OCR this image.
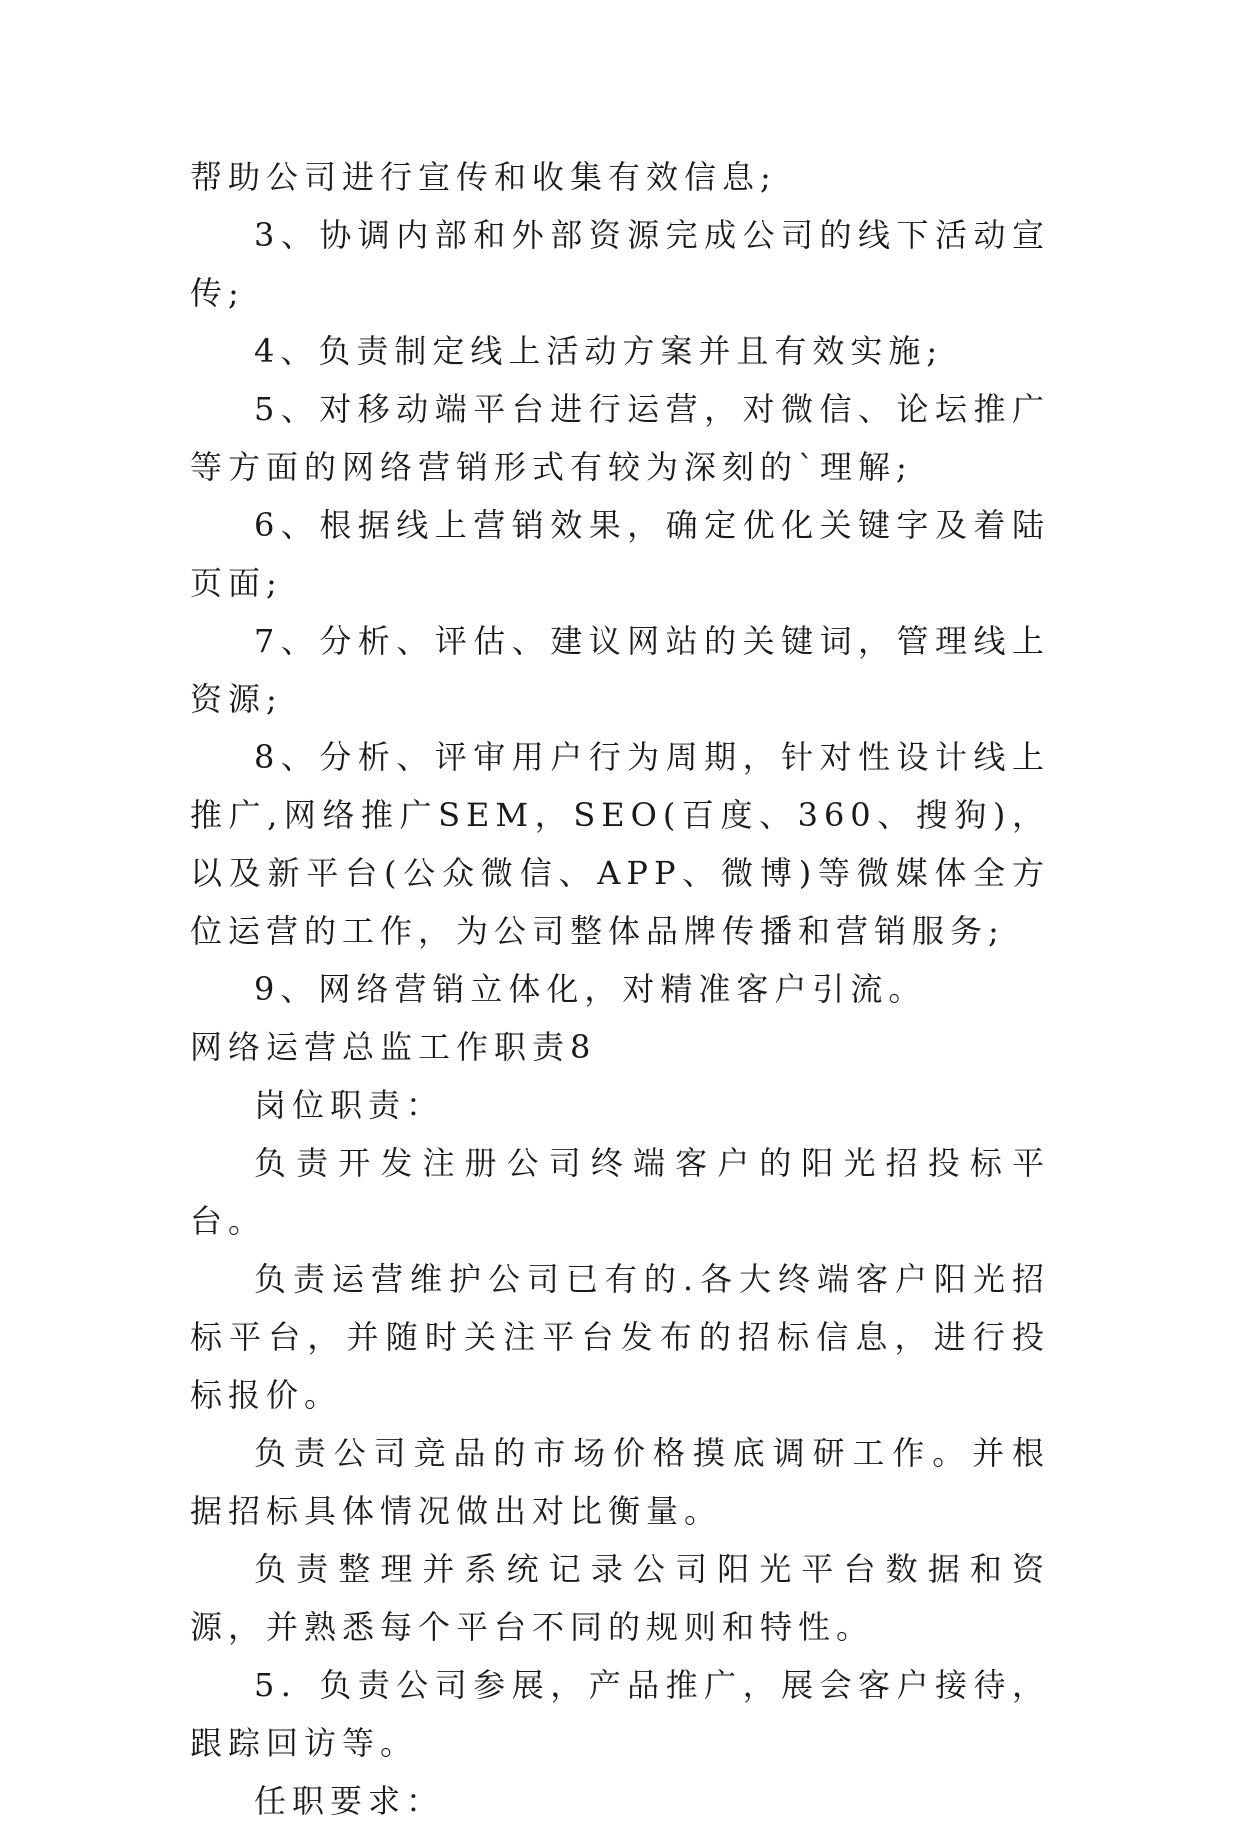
帮助公司进行宣传和收集有效信息;

3、协调内部和外部资源完成公司的线下活动宣传;

4、负责制定线上活动方案并且有效实施;

5、对移动端平台进行运营，对微信、论坛推广等方面的网络营销形式有较为深刻的`理解;

6、根据线上营销效果，确定优化关键字及着陆页面;

7、分析、评估、建议网站的关键词，管理线上资源;

8、分析、评审用户行为周期，针对性设计线上推广,网络推广SEM，SEO(百度、360、搜狗)，以及新平台(公众微信、APP、微博)等微媒体全方位运营的工作，为公司整体品牌传播和营销服务;

9、网络营销立体化，对精准客户引流。

网络运营总监工作职责8

岗位职责：

负责开发注册公司终端客户的阳光招投标平台。

负责运营维护公司已有的.各大终端客户阳光招标平台，并随时关注平台发布的招标信息，进行投标报价。

负责公司竞品的市场价格摸底调研工作。并根据招标具体情况做出对比衡量。

负责整理并系统记录公司阳光平台数据和资源，并熟悉每个平台不同的规则和特性。

5．负责公司参展，产品推广，展会客户接待，跟踪回访等。

任职要求：
